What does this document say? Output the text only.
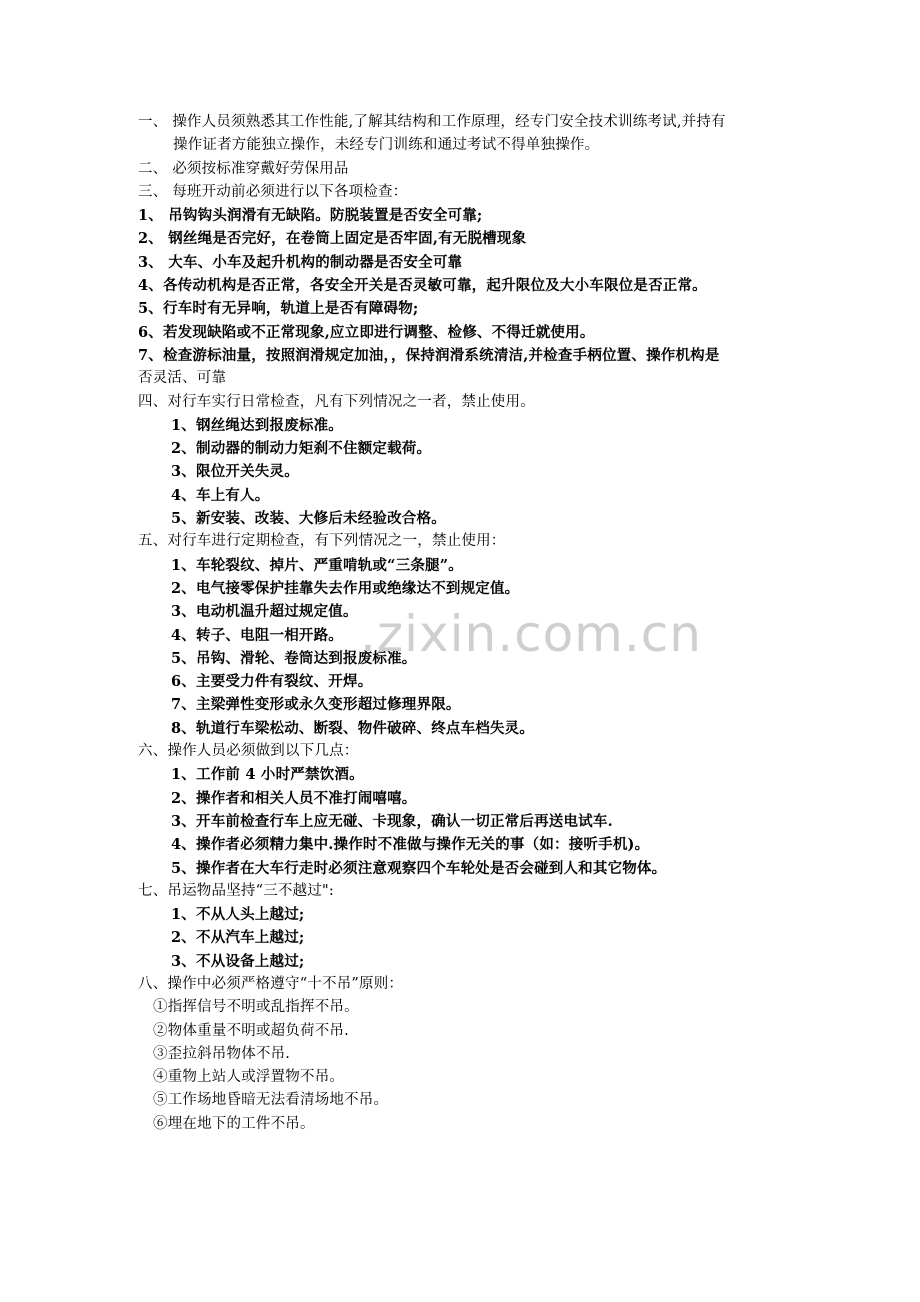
一、 操作人员须熟悉其工作性能,了解其结构和工作原理，经专门安全技术训练考试,并持有
操作证者方能独立操作，未经专门训练和通过考试不得单独操作。
二、 必须按标准穿戴好劳保用品
三、 每班开动前必须进行以下各项检查：
1、 吊钩钩头润滑有无缺陷。防脱装置是否安全可靠;
2、 钢丝绳是否完好，在卷筒上固定是否牢固,有无脱槽现象
3、 大车、小车及起升机构的制动器是否安全可靠
4、各传动机构是否正常，各安全开关是否灵敏可靠，起升限位及大小车限位是否正常。
5、行车时有无异响，轨道上是否有障碍物;
6、若发现缺陷或不正常现象,应立即进行调整、检修、不得迁就使用。
7、检查游标油量，按照润滑规定加油，，保持润滑系统清洁,并检查手柄位置、操作机构是
否灵活、可靠
四、对行车实行日常检查，凡有下列情况之一者，禁止使用。
1、钢丝绳达到报废标准。
2、制动器的制动力矩刹不住额定载荷。
3、限位开关失灵。
4、车上有人。
5、新安装、改装、大修后未经验改合格。
五、对行车进行定期检查，有下列情况之一，禁止使用：
1、车轮裂纹、掉片、严重啃轨或“三条腿”。
2、电气接零保护挂靠失去作用或绝缘达不到规定值。
3、电动机温升超过规定值。
4、转子、电阻一相开路。
5、吊钩、滑轮、卷筒达到报废标准。
6、主要受力件有裂纹、开焊。
7、主梁弹性变形或永久变形超过修理界限。
8、轨道行车梁松动、断裂、物件破碎、终点车档失灵。
六、操作人员必须做到以下几点：
1、工作前 4 小时严禁饮酒。
2、操作者和相关人员不准打闹嘻嘻。
3、开车前检查行车上应无碰、卡现象，确认一切正常后再送电试车.
4、操作者必须精力集中.操作时不准做与操作无关的事（如：接听手机)。
5、操作者在大车行走时必须注意观察四个车轮处是否会碰到人和其它物体。
七、吊运物品坚持“三不越过":
1、不从人头上越过;
2、不从汽车上越过;
3、不从设备上越过;
八、操作中必须严格遵守“十不吊”原则：
①指挥信号不明或乱指挥不吊。
②物体重量不明或超负荷不吊.
③歪拉斜吊物体不吊.
④重物上站人或浮置物不吊。
⑤工作场地昏暗无法看清场地不吊。
⑥埋在地下的工件不吊。
.zixin.com.cn
